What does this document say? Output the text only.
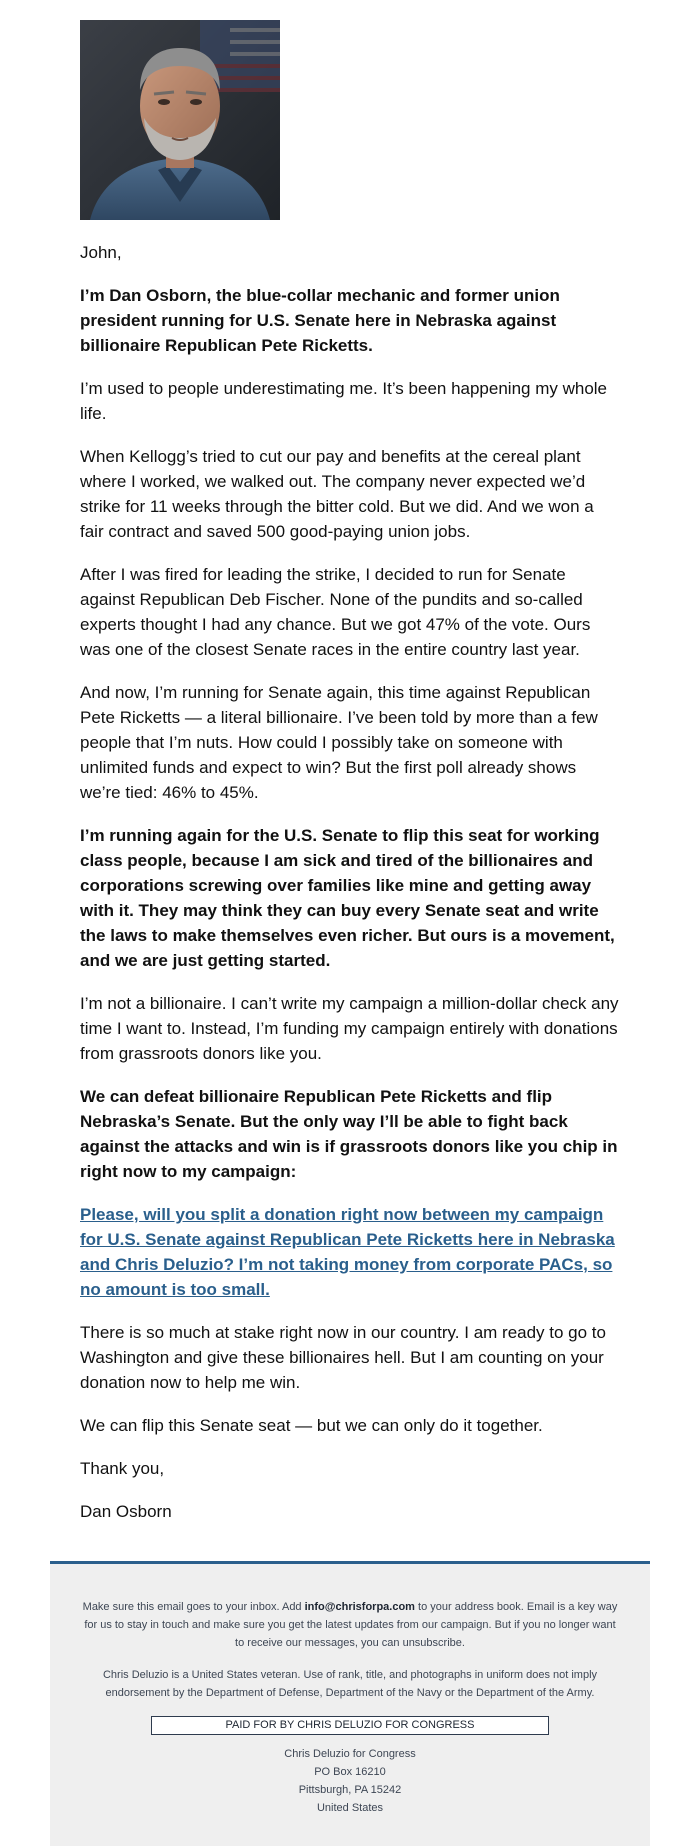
John,

I’m Dan Osborn, the blue-collar mechanic and former union president running for U.S. Senate here in Nebraska against billionaire Republican Pete Ricketts.

I’m used to people underestimating me. It’s been happening my whole life.

When Kellogg’s tried to cut our pay and benefits at the cereal plant where I worked, we walked out. The company never expected we’d strike for 11 weeks through the bitter cold. But we did. And we won a fair contract and saved 500 good-paying union jobs.

After I was fired for leading the strike, I decided to run for Senate against Republican Deb Fischer. None of the pundits and so-called experts thought I had any chance. But we got 47% of the vote. Ours was one of the closest Senate races in the entire country last year.

And now, I’m running for Senate again, this time against Republican Pete Ricketts — a literal billionaire. I’ve been told by more than a few people that I’m nuts. How could I possibly take on someone with unlimited funds and expect to win? But the first poll already shows we’re tied: 46% to 45%.

I’m running again for the U.S. Senate to flip this seat for working class people, because I am sick and tired of the billionaires and corporations screwing over families like mine and getting away with it. They may think they can buy every Senate seat and write the laws to make themselves even richer. But ours is a movement, and we are just getting started.

I’m not a billionaire. I can’t write my campaign a million-dollar check any time I want to. Instead, I’m funding my campaign entirely with donations from grassroots donors like you.

We can defeat billionaire Republican Pete Ricketts and flip Nebraska’s Senate. But the only way I’ll be able to fight back against the attacks and win is if grassroots donors like you chip in right now to my campaign:

Please, will you split a donation right now between my campaign for U.S. Senate against Republican Pete Ricketts here in Nebraska and Chris Deluzio? I’m not taking money from corporate PACs, so no amount is too small.

There is so much at stake right now in our country. I am ready to go to Washington and give these billionaires hell. But I am counting on your donation now to help me win.

We can flip this Senate seat — but we can only do it together.

Thank you,

Dan Osborn

Make sure this email goes to your inbox. Add info@chrisforpa.com to your address book. Email is a key way for us to stay in touch and make sure you get the latest updates from our campaign. But if you no longer want to receive our messages, you can unsubscribe.

Chris Deluzio is a United States veteran. Use of rank, title, and photographs in uniform does not imply endorsement by the Department of Defense, Department of the Navy or the Department of the Army.

PAID FOR BY CHRIS DELUZIO FOR CONGRESS
Chris Deluzio for Congress
PO Box 16210
Pittsburgh, PA 15242
United States
